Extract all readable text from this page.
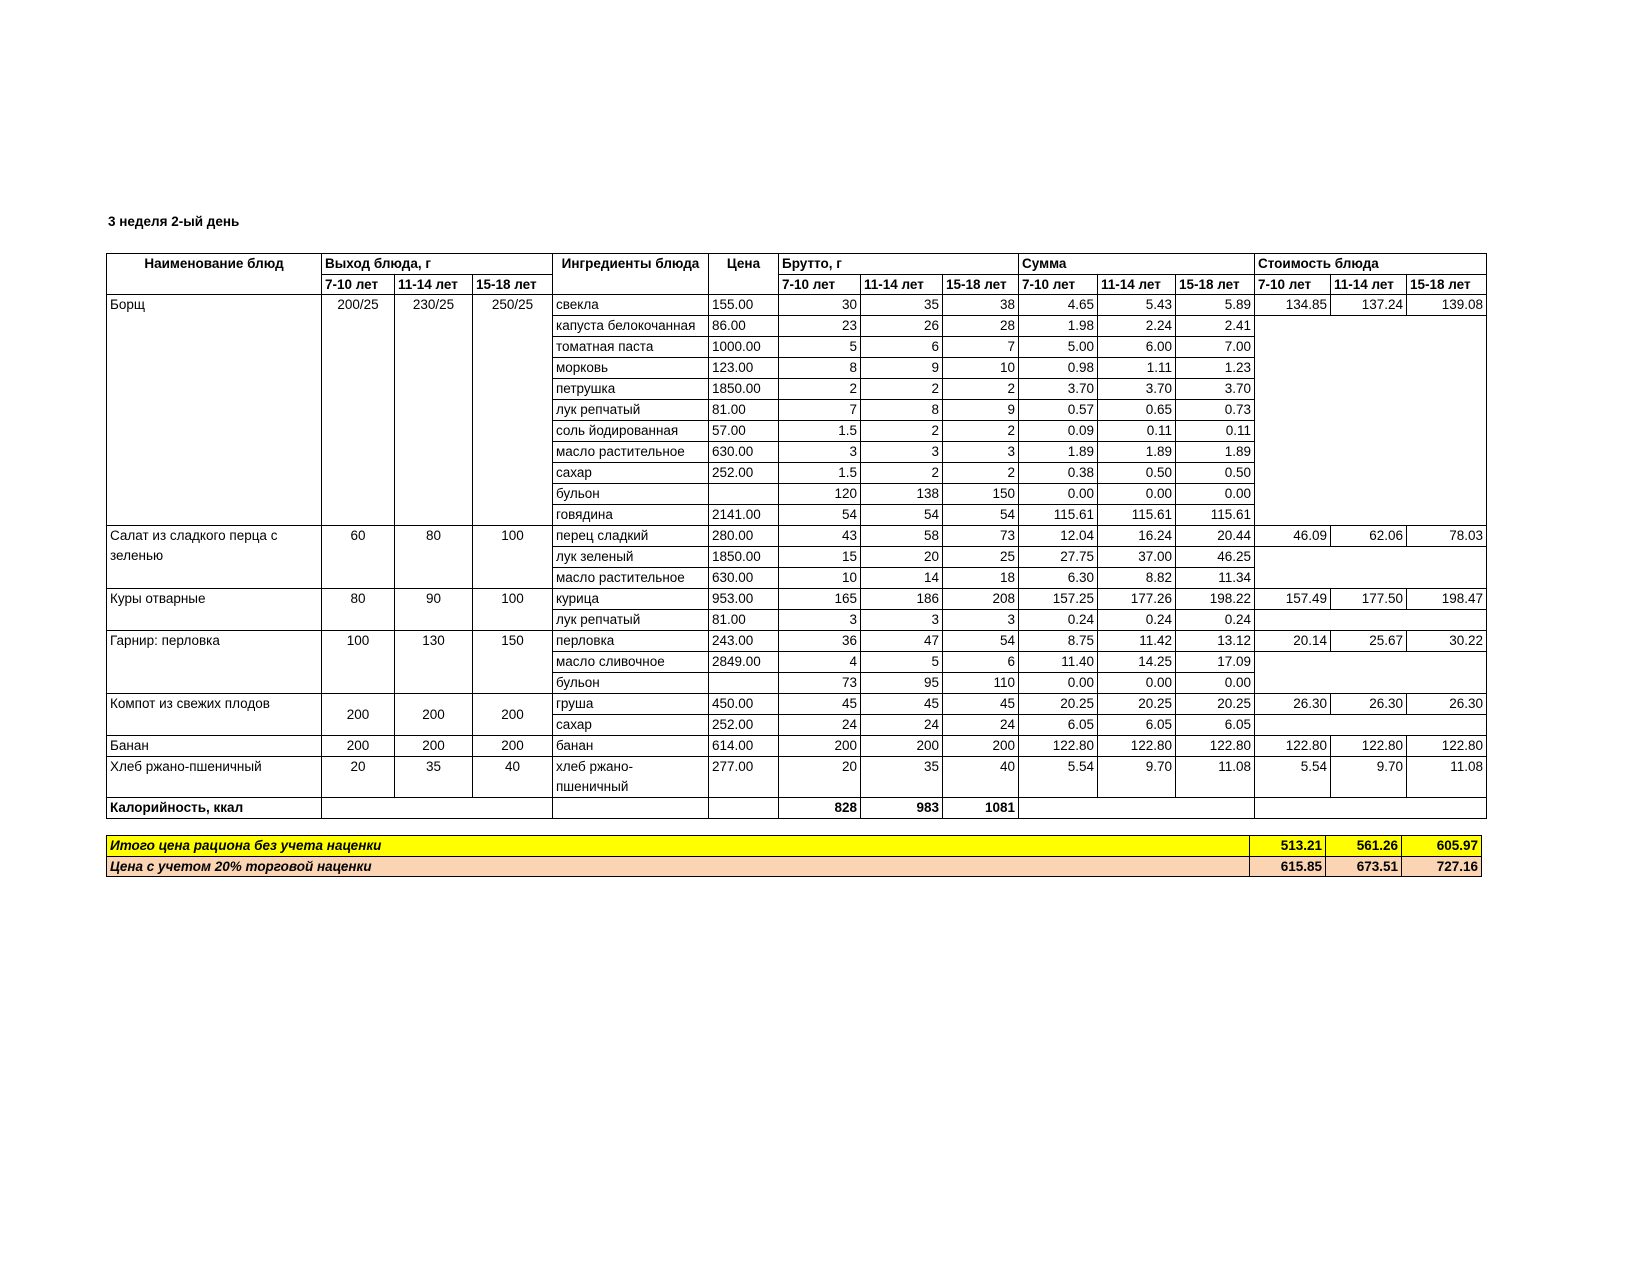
3 неделя 2-ый день
Наименование блюд	Выход блюда, г			Ингредиенты блюда	Цена	Брутто, г			Сумма			Стоимость блюда		
	7-10 лет	11-14 лет	15-18 лет			7-10 лет	11-14 лет	15-18 лет	7-10 лет	11-14 лет	15-18 лет	7-10 лет	11-14 лет	15-18 лет
Борщ	200/25	230/25	250/25	свекла	155.00	30	35	38	4.65	5.43	5.89	134.85	137.24	139.08
				капуста белокочанная	86.00	23	26	28	1.98	2.24	2.41			
				томатная паста	1000.00	5	6	7	5.00	6.00	7.00			
				морковь	123.00	8	9	10	0.98	1.11	1.23			
				петрушка	1850.00	2	2	2	3.70	3.70	3.70			
				лук репчатый	81.00	7	8	9	0.57	0.65	0.73			
				соль йодированная	57.00	1.5	2	2	0.09	0.11	0.11			
				масло растительное	630.00	3	3	3	1.89	1.89	1.89			
				сахар	252.00	1.5	2	2	0.38	0.50	0.50			
				бульон		120	138	150	0.00	0.00	0.00			
				говядина	2141.00	54	54	54	115.61	115.61	115.61			
Салат из сладкого перца с зеленью	60	80	100	перец сладкий	280.00	43	58	73	12.04	16.24	20.44	46.09	62.06	78.03
				лук зеленый	1850.00	15	20	25	27.75	37.00	46.25			
				масло растительное	630.00	10	14	18	6.30	8.82	11.34			
Куры отварные	80	90	100	курица	953.00	165	186	208	157.25	177.26	198.22	157.49	177.50	198.47
				лук репчатый	81.00	3	3	3	0.24	0.24	0.24			
Гарнир: перловка	100	130	150	перловка	243.00	36	47	54	8.75	11.42	13.12	20.14	25.67	30.22
				масло сливочное	2849.00	4	5	6	11.40	14.25	17.09			
				бульон		73	95	110	0.00	0.00	0.00			
Компот из свежих плодов	200	200	200	груша	450.00	45	45	45	20.25	20.25	20.25	26.30	26.30	26.30
				сахар	252.00	24	24	24	6.05	6.05	6.05			
Банан	200	200	200	банан	614.00	200	200	200	122.80	122.80	122.80	122.80	122.80	122.80
Хлеб ржано-пшеничный	20	35	40	хлеб ржано-пшеничный	277.00	20	35	40	5.54	9.70	11.08	5.54	9.70	11.08
Калорийность, ккал						828	983	1081						
Итого цена рациона без учета наценки	513.21	561.26	605.97
Цена с учетом 20% торговой наценки	615.85	673.51	727.16
